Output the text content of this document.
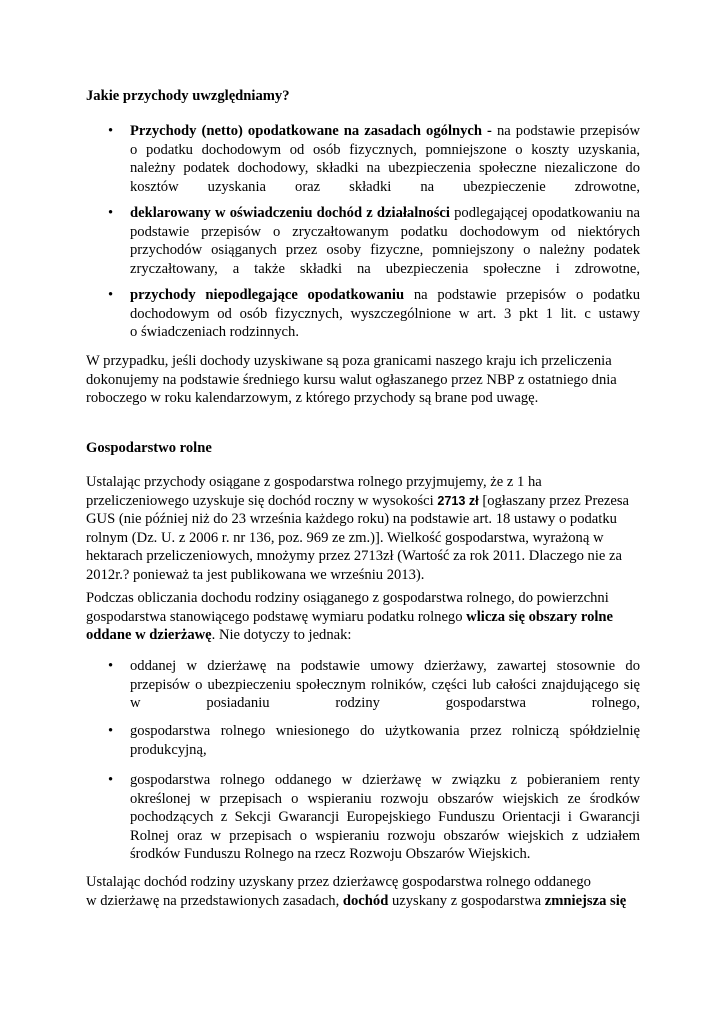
Jakie przychody uwzględniamy?
• Przychody (netto) opodatkowane na zasadach ogólnych - na podstawie przepisów
o podatku dochodowym od osób fizycznych, pomniejszone o koszty uzyskania,
należny podatek dochodowy, składki na ubezpieczenia społeczne niezaliczone do
kosztów uzyskania oraz składki na ubezpieczenie zdrowotne,
• deklarowany w oświadczeniu dochód z działalności podlegającej opodatkowaniu na
podstawie przepisów o zryczałtowanym podatku dochodowym od niektórych
przychodów osiąganych przez osoby fizyczne, pomniejszony o należny podatek
zryczałtowany, a także składki na ubezpieczenia społeczne i zdrowotne,
• przychody niepodlegające opodatkowaniu na podstawie przepisów o podatku
dochodowym od osób fizycznych, wyszczególnione w art. 3 pkt 1 lit. c ustawy
o świadczeniach rodzinnych.
W przypadku, jeśli dochody uzyskiwane są poza granicami naszego kraju ich przeliczenia
dokonujemy na podstawie średniego kursu walut ogłaszanego przez NBP z ostatniego dnia
roboczego w roku kalendarzowym, z którego przychody są brane pod uwagę.
Gospodarstwo rolne
Ustalając przychody osiągane z gospodarstwa rolnego przyjmujemy, że z 1 ha
przeliczeniowego uzyskuje się dochód roczny w wysokości 2713 zł [ogłaszany przez Prezesa
GUS (nie później niż do 23 września każdego roku) na podstawie art. 18 ustawy o podatku
rolnym (Dz. U. z 2006 r. nr 136, poz. 969 ze zm.)]. Wielkość gospodarstwa, wyrażoną w
hektarach przeliczeniowych, mnożymy przez 2713zł (Wartość za rok 2011. Dlaczego nie za
2012r.? ponieważ ta jest publikowana we wrześniu 2013).
Podczas obliczania dochodu rodziny osiąganego z gospodarstwa rolnego, do powierzchni
gospodarstwa stanowiącego podstawę wymiaru podatku rolnego wlicza się obszary rolne
oddane w dzierżawę. Nie dotyczy to jednak:
• oddanej w dzierżawę na podstawie umowy dzierżawy, zawartej stosownie do
przepisów o ubezpieczeniu społecznym rolników, części lub całości znajdującego się
w posiadaniu rodziny gospodarstwa rolnego,
• gospodarstwa rolnego wniesionego do użytkowania przez rolniczą spółdzielnię
produkcyjną,
• gospodarstwa rolnego oddanego w dzierżawę w związku z pobieraniem renty
określonej w przepisach o wspieraniu rozwoju obszarów wiejskich ze środków
pochodzących z Sekcji Gwarancji Europejskiego Funduszu Orientacji i Gwarancji
Rolnej oraz w przepisach o wspieraniu rozwoju obszarów wiejskich z udziałem
środków Funduszu Rolnego na rzecz Rozwoju Obszarów Wiejskich.
Ustalając dochód rodziny uzyskany przez dzierżawcę gospodarstwa rolnego oddanego
w dzierżawę na przedstawionych zasadach, dochód uzyskany z gospodarstwa zmniejsza się
